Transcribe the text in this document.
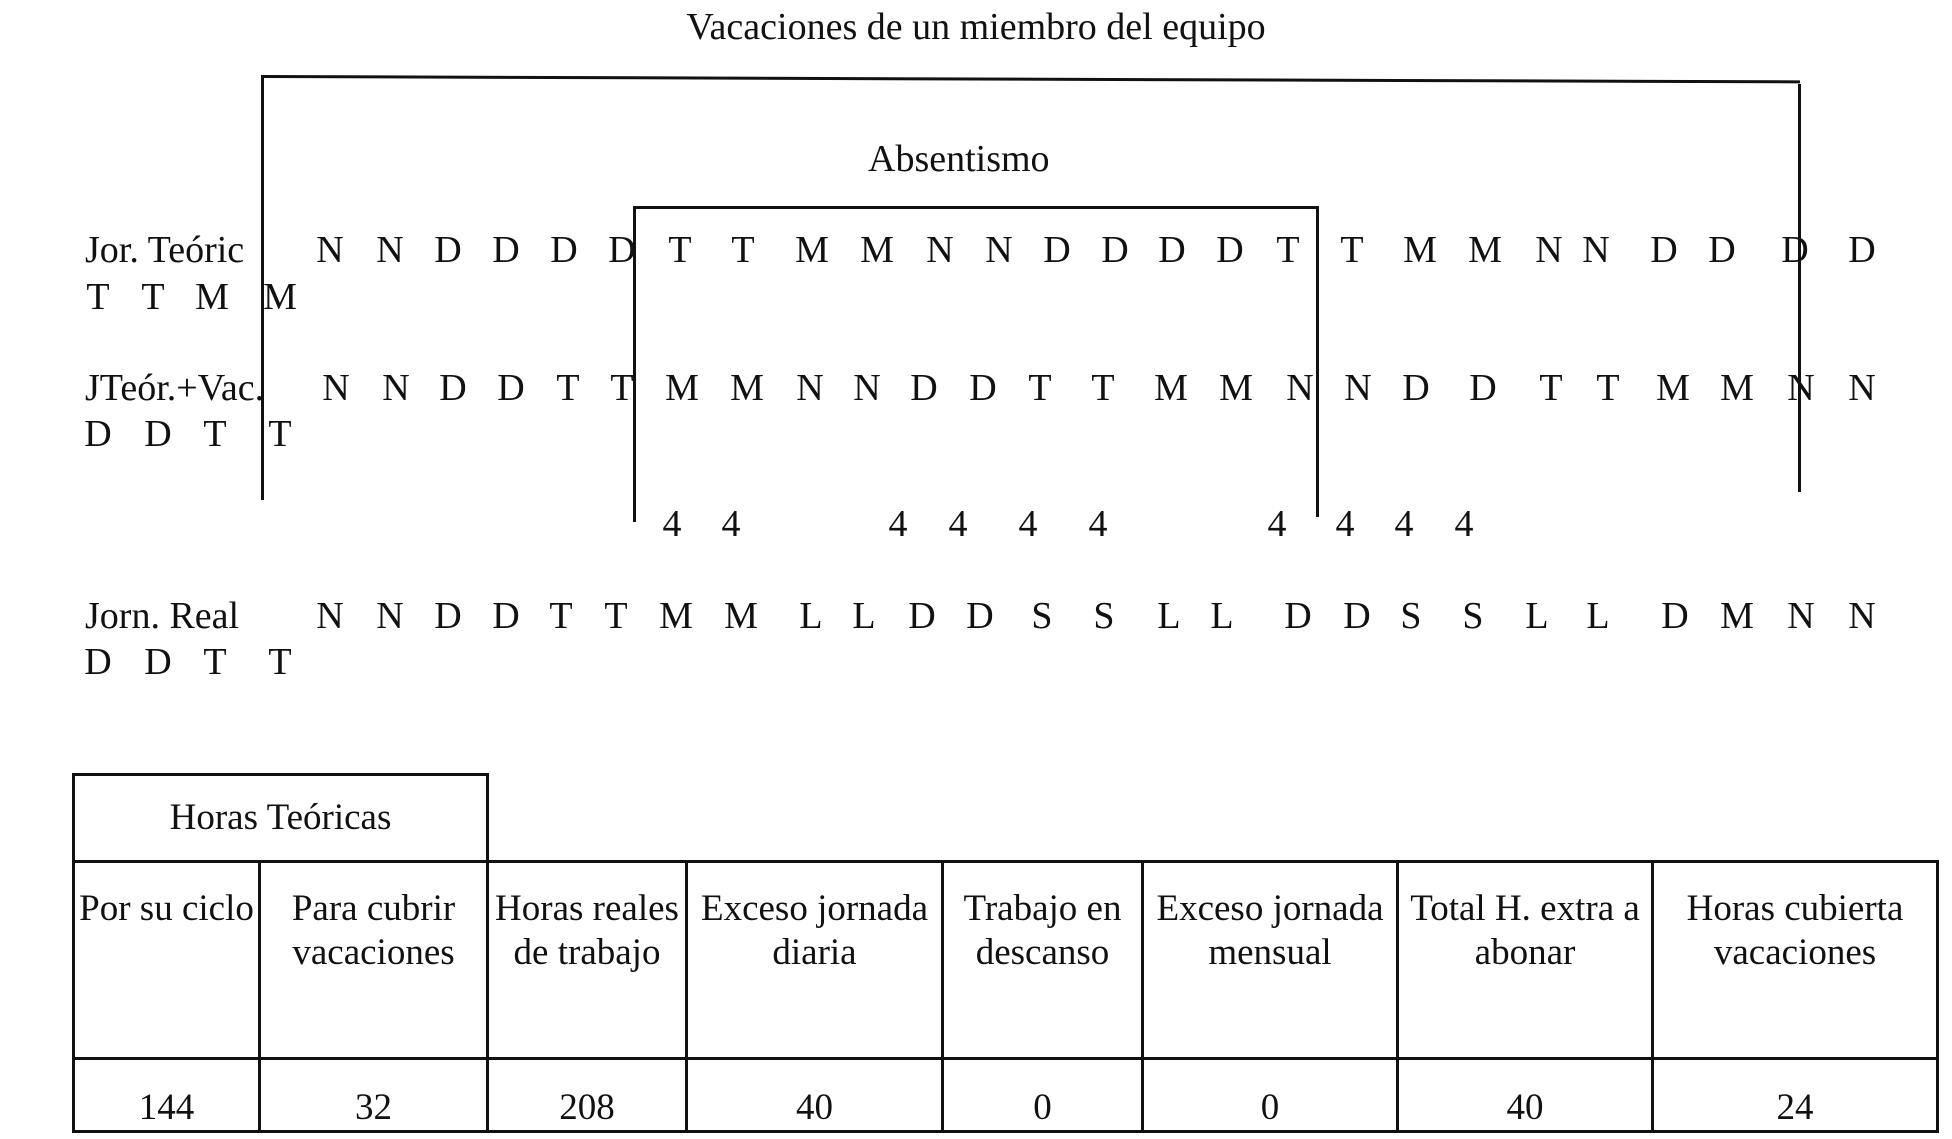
Vacaciones de un miembro del equipo
Absentismo
Jor. Teóric N N D D D D T T M M N N D D D D T T M M N N D D D D
T T M M
JTeór.+Vac. N N D D T T M M N N D D T T M M N N D D T T M M N N
D D T T
4 4	4 4 4 4	4 4 4 4
Jorn. Real N N D D T T M M L L D D S S L L D D S S L L D M N N
D D T T
Horas Teóricas							
Por su ciclo	Para cubrir vacaciones	Horas reales de trabajo	Exceso jornada diaria	Trabajo en descanso	Exceso jornada mensual	Total H. extra a abonar	Horas cubierta vacaciones
144	32	208	40	0	0	40	24
